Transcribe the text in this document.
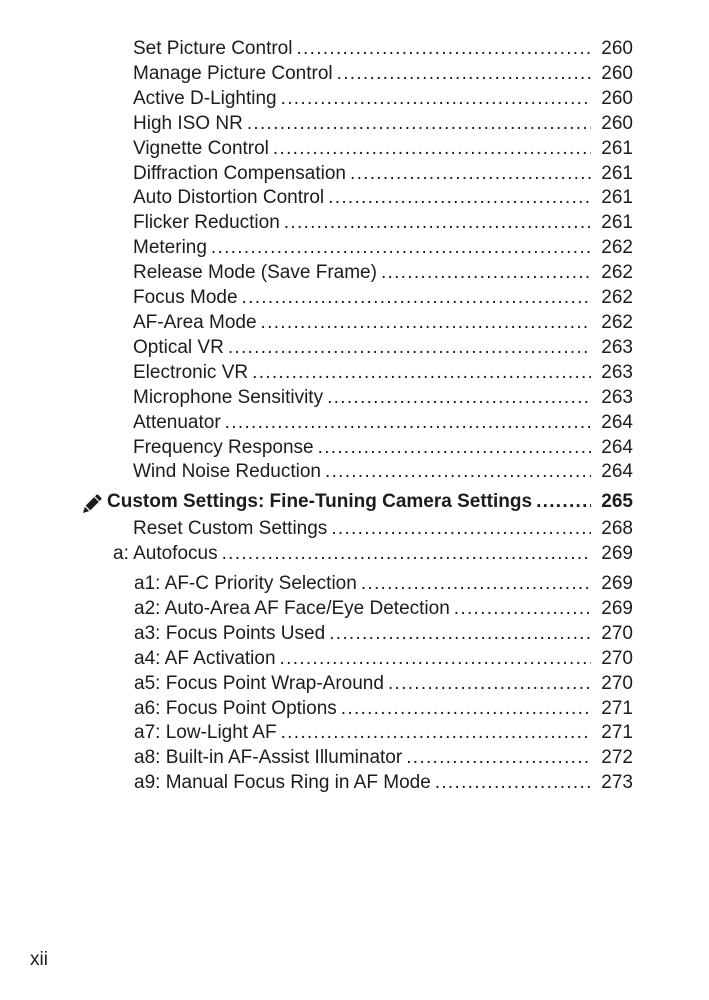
Set Picture Control .....	260
Manage Picture Control .....	260
Active D-Lighting .....	260
High ISO NR .....	260
Vignette Control .....	261
Diffraction Compensation .....	261
Auto Distortion Control .....	261
Flicker Reduction .....	261
Metering .....	262
Release Mode (Save Frame) .....	262
Focus Mode .....	262
AF-Area Mode .....	262
Optical VR .....	263
Electronic VR .....	263
Microphone Sensitivity .....	263
Attenuator .....	264
Frequency Response .....	264
Wind Noise Reduction .....	264
Custom Settings: Fine-Tuning Camera Settings .....	265
Reset Custom Settings .....	268
a: Autofocus .....	269
a1: AF-C Priority Selection .....	269
a2: Auto-Area AF Face/Eye Detection .....	269
a3: Focus Points Used .....	270
a4: AF Activation .....	270
a5: Focus Point Wrap-Around .....	270
a6: Focus Point Options .....	271
a7: Low-Light AF .....	271
a8: Built-in AF-Assist Illuminator .....	272
a9: Manual Focus Ring in AF Mode .....	273
xii
